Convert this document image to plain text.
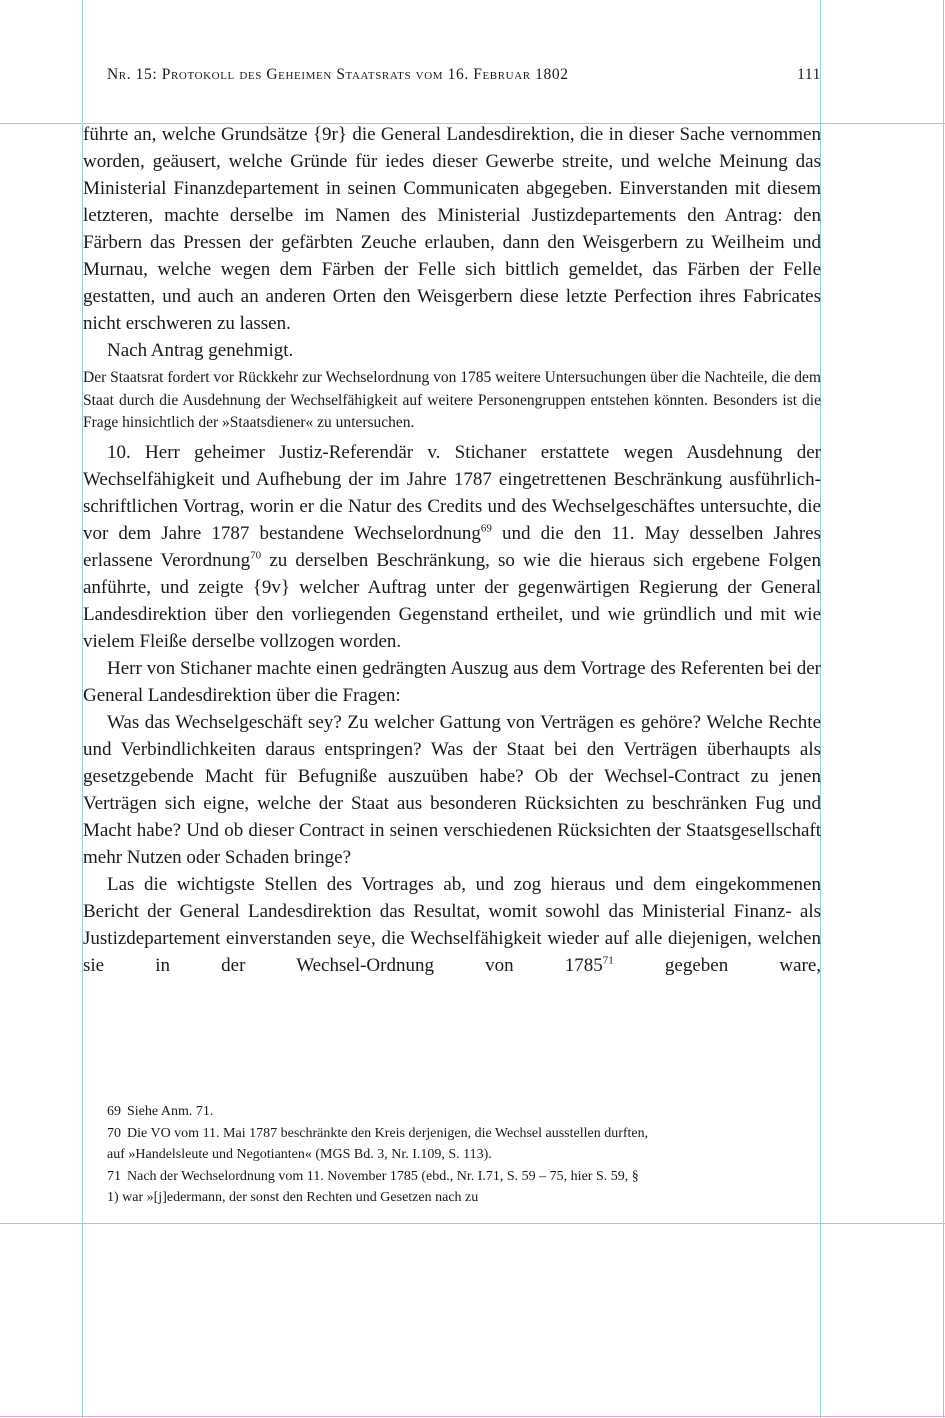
Nr. 15: Protokoll des Geheimen Staatsrats vom 16. Februar 1802	111

führte an, welche Grundsätze {9r} die General Landesdirektion, die in dieser Sache vernommen worden, geäusert, welche Gründe für iedes dieser Gewerbe streite, und welche Meinung das Ministerial Finanzdepartement in seinen Communicaten abgegeben. Einverstanden mit diesem letzteren, machte derselbe im Namen des Ministerial Justizdepartements den Antrag: den Färbern das Pressen der gefärbten Zeuche erlauben, dann den Weisgerbern zu Weilheim und Murnau, welche wegen dem Färben der Felle sich bittlich gemeldet, das Färben der Felle gestatten, und auch an anderen Orten den Weisgerbern diese letzte Perfection ihres Fabricates nicht erschweren zu lassen.

Nach Antrag genehmigt.

Der Staatsrat fordert vor Rückkehr zur Wechselordnung von 1785 weitere Untersuchungen über die Nachteile, die dem Staat durch die Ausdehnung der Wechselfähigkeit auf weitere Personengruppen entstehen könnten. Besonders ist die Frage hinsichtlich der »Staatsdiener« zu untersuchen.

10. Herr geheimer Justiz-Referendär v. Stichaner erstattete wegen Ausdehnung der Wechselfähigkeit und Aufhebung der im Jahre 1787 eingetrettenen Beschränkung ausführlich-schriftlichen Vortrag, worin er die Natur des Credits und des Wechselgeschäftes untersuchte, die vor dem Jahre 1787 bestandene Wechselordnung$^{69}$ und die den 11. May desselben Jahres erlassene Verordnung$^{70}$ zu derselben Beschränkung, so wie die hieraus sich ergebene Folgen anführte, und zeigte {9v} welcher Auftrag unter der gegenwärtigen Regierung der General Landesdirektion über den vorliegenden Gegenstand ertheilet, und wie gründlich und mit wie vielem Fleiße derselbe vollzogen worden.

Herr von Stichaner machte einen gedrängten Auszug aus dem Vortrage des Referenten bei der General Landesdirektion über die Fragen:

Was das Wechselgeschäft sey? Zu welcher Gattung von Verträgen es gehöre? Welche Rechte und Verbindlichkeiten daraus entspringen? Was der Staat bei den Verträgen überhaupts als gesetzgebende Macht für Befugniße auszuüben habe? Ob der Wechsel-Contract zu jenen Verträgen sich eigne, welche der Staat aus besonderen Rücksichten zu beschränken Fug und Macht habe? Und ob dieser Contract in seinen verschiedenen Rücksichten der Staatsgesellschaft mehr Nutzen oder Schaden bringe?

Las die wichtigste Stellen des Vortrages ab, und zog hieraus und dem eingekommenen Bericht der General Landesdirektion das Resultat, womit sowohl das Ministerial Finanz- als Justizdepartement einverstanden seye, die Wechselfähigkeit wieder auf alle diejenigen, welchen sie in der Wechsel-Ordnung von 1785$^{71}$ gegeben ware,

69 Siehe Anm. 71.

70 Die VO vom 11. Mai 1787 beschränkte den Kreis derjenigen, die Wechsel ausstellen durften, auf »Handelsleute und Negotianten« (MGS Bd. 3, Nr. I.109, S. 113).

71 Nach der Wechselordnung vom 11. November 1785 (ebd., Nr. I.71, S. 59 – 75, hier S. 59, § 1) war »[j]edermann, der sonst den Rechten und Gesetzen nach zu
